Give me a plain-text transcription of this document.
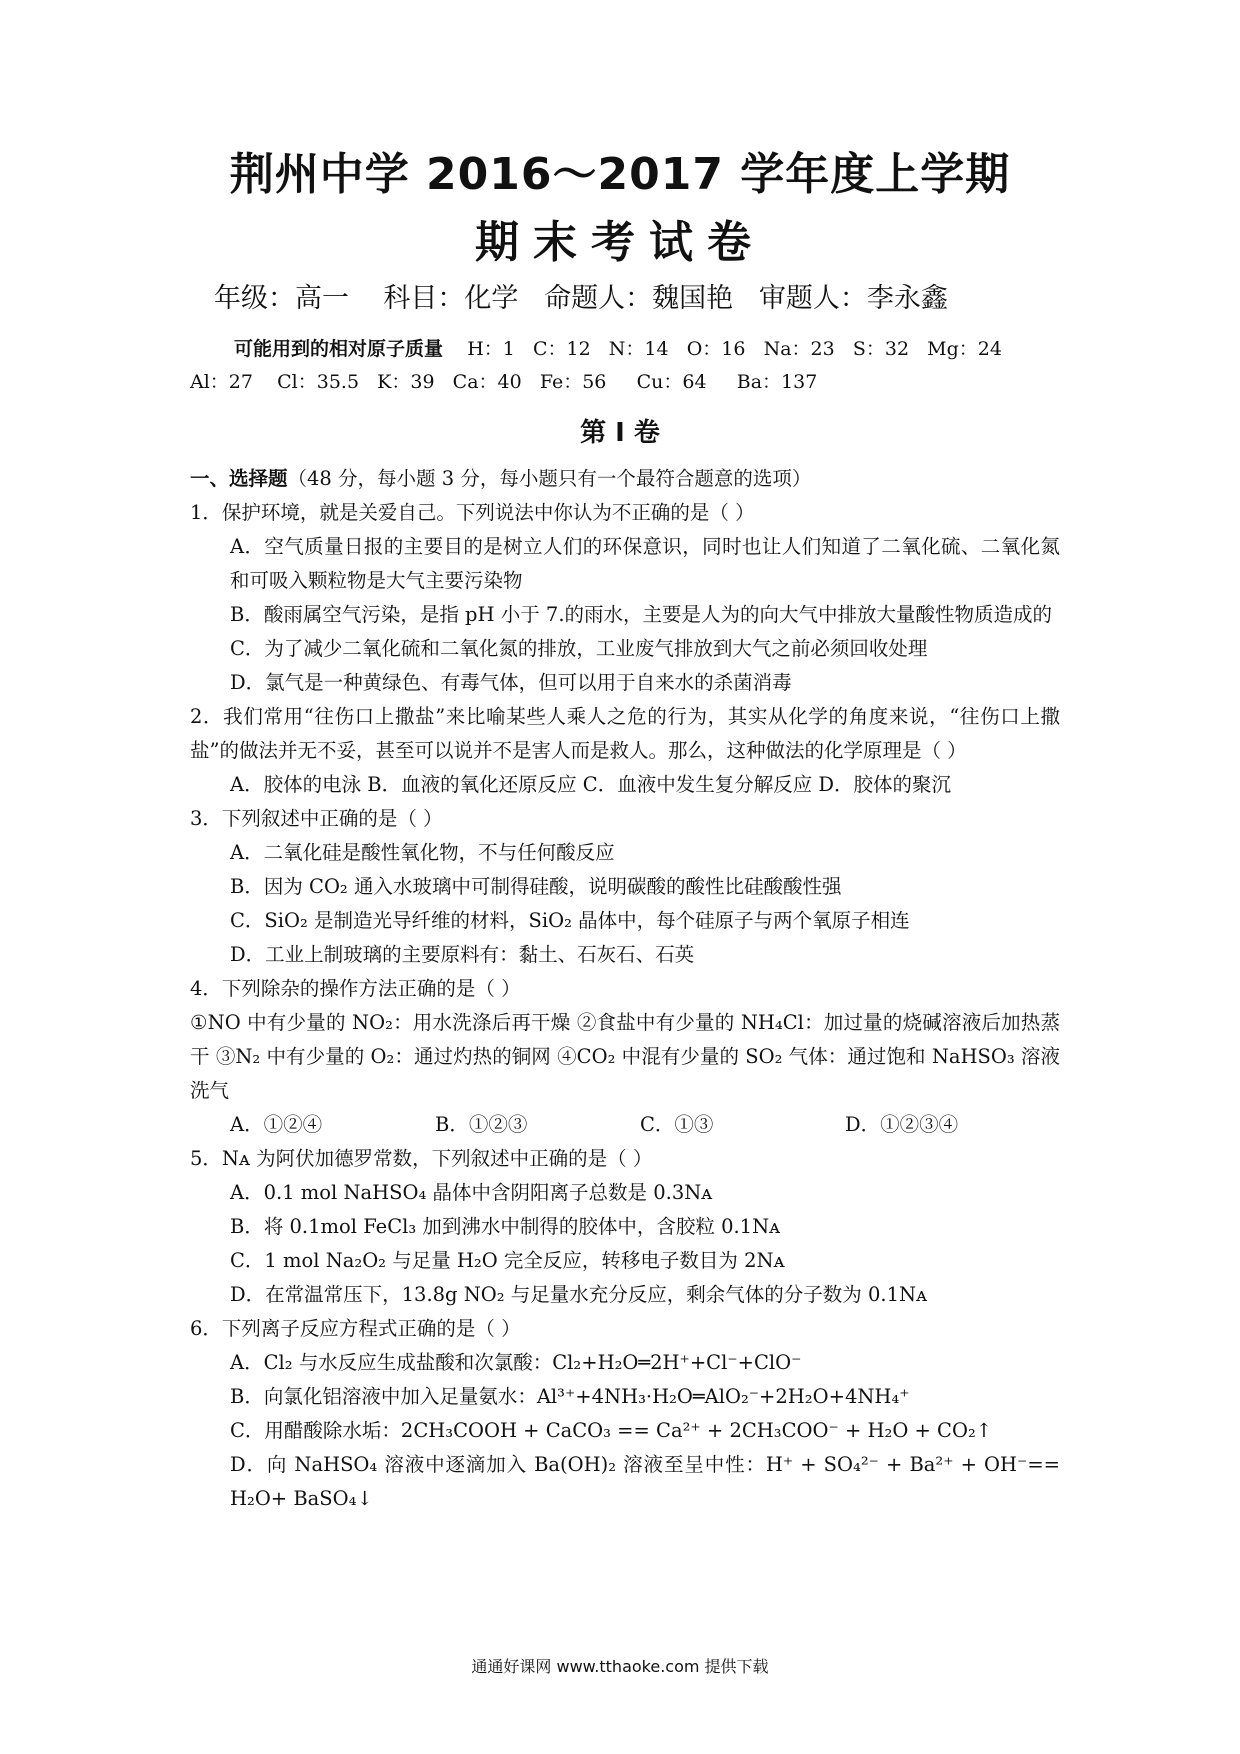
荆州中学 2016～2017 学年度上学期
期末考试卷
年级：高一    科目：化学   命题人：魏国艳   审题人：李永鑫
可能用到的相对原子质量 H：1   C：12   N：14   O：16   Na：23   S：32   Mg：24
Al：27    Cl：35.5   K：39   Ca：40   Fe：56     Cu：64     Ba：137
第 I 卷
一、选择题（48 分，每小题 3 分，每小题只有一个最符合题意的选项）
1．保护环境，就是关爱自己。下列说法中你认为不正确的是（ ）
A．空气质量日报的主要目的是树立人们的环保意识，同时也让人们知道了二氧化硫、二氧化氮和可吸入颗粒物是大气主要污染物
B．酸雨属空气污染，是指 pH 小于 7.的雨水，主要是人为的向大气中排放大量酸性物质造成的
C．为了减少二氧化硫和二氧化氮的排放，工业废气排放到大气之前必须回收处理
D．氯气是一种黄绿色、有毒气体，但可以用于自来水的杀菌消毒
2．我们常用“往伤口上撒盐”来比喻某些人乘人之危的行为，其实从化学的角度来说，“往伤口上撒盐”的做法并无不妥，甚至可以说并不是害人而是救人。那么，这种做法的化学原理是（ ）
A．胶体的电泳 B．血液的氧化还原反应 C．血液中发生复分解反应 D．胶体的聚沉
3．下列叙述中正确的是（ ）
A．二氧化硅是酸性氧化物，不与任何酸反应
B．因为 CO₂ 通入水玻璃中可制得硅酸，说明碳酸的酸性比硅酸酸性强
C．SiO₂ 是制造光导纤维的材料，SiO₂ 晶体中，每个硅原子与两个氧原子相连
D．工业上制玻璃的主要原料有：黏土、石灰石、石英
4．下列除杂的操作方法正确的是（ ）
①NO 中有少量的 NO₂：用水洗涤后再干燥 ②食盐中有少量的 NH₄Cl：加过量的烧碱溶液后加热蒸干 ③N₂ 中有少量的 O₂：通过灼热的铜网 ④CO₂ 中混有少量的 SO₂ 气体：通过饱和 NaHSO₃ 溶液洗气
A．①②④	B．①②③	C．①③	D．①②③④
5．Nᴀ 为阿伏加德罗常数，下列叙述中正确的是（ ）
A．0.1 mol NaHSO₄ 晶体中含阴阳离子总数是 0.3Nᴀ
B．将 0.1mol FeCl₃ 加到沸水中制得的胶体中，含胶粒 0.1Nᴀ
C．1 mol Na₂O₂ 与足量 H₂O 完全反应，转移电子数目为 2Nᴀ
D．在常温常压下，13.8g NO₂ 与足量水充分反应，剩余气体的分子数为 0.1Nᴀ
6．下列离子反应方程式正确的是（ ）
A．Cl₂ 与水反应生成盐酸和次氯酸：Cl₂+H₂O═2H⁺+Cl⁻+ClO⁻
B．向氯化铝溶液中加入足量氨水：Al³⁺+4NH₃·H₂O═AlO₂⁻+2H₂O+4NH₄⁺
C．用醋酸除水垢：2CH₃COOH + CaCO₃ == Ca²⁺ + 2CH₃COO⁻ + H₂O + CO₂↑
D．向 NaHSO₄ 溶液中逐滴加入 Ba(OH)₂ 溶液至呈中性：H⁺ + SO₄²⁻ + Ba²⁺ + OH⁻== H₂O+ BaSO₄↓
通通好课网 www.tthaoke.com 提供下载
